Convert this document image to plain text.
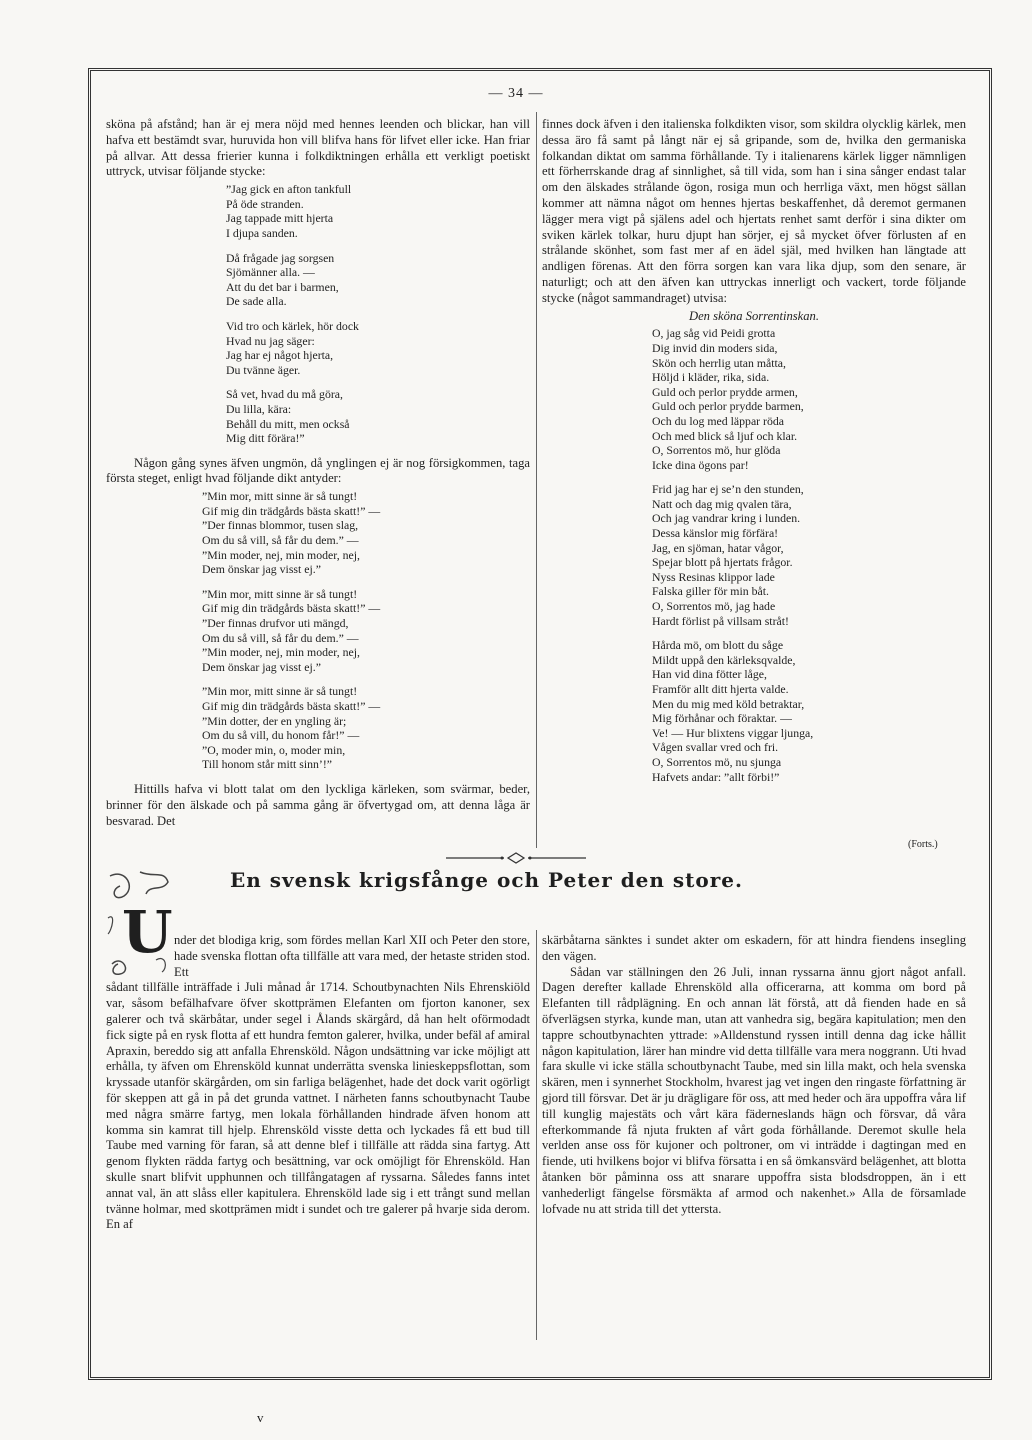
— 34 —

sköna på afstånd; han är ej mera nöjd med hennes leenden och blickar, han vill hafva ett bestämdt svar, huruvida hon vill blifva hans för lifvet eller icke. Han friar på allvar. Att dessa frierier kunna i folkdiktningen erhålla ett verkligt poetiskt uttryck, utvisar följande stycke:

”Jag gick en afton tankfull
På öde stranden.
Jag tappade mitt hjerta
I djupa sanden.
Då frågade jag sorgsen
Sjömänner alla. —
Att du det bar i barmen,
De sade alla.
Vid tro och kärlek, hör dock
Hvad nu jag säger:
Jag har ej något hjerta,
Du tvänne äger.
Så vet, hvad du må göra,
Du lilla, kära:
Behåll du mitt, men också
Mig ditt förära!”

Någon gång synes äfven ungmön, då ynglingen ej är nog försigkommen, taga första steget, enligt hvad följande dikt antyder:

”Min mor, mitt sinne är så tungt!
Gif mig din trädgårds bästa skatt!” —
”Der finnas blommor, tusen slag,
Om du så vill, så får du dem.” —
”Min moder, nej, min moder, nej,
Dem önskar jag visst ej.”
”Min mor, mitt sinne är så tungt!
Gif mig din trädgårds bästa skatt!” —
”Der finnas drufvor uti mängd,
Om du så vill, så får du dem.” —
”Min moder, nej, min moder, nej,
Dem önskar jag visst ej.”
”Min mor, mitt sinne är så tungt!
Gif mig din trädgårds bästa skatt!” —
”Min dotter, der en yngling är;
Om du så vill, du honom får!” —
”O, moder min, o, moder min,
Till honom står mitt sinn’!”

Hittills hafva vi blott talat om den lyckliga kärleken, som svärmar, beder, brinner för den älskade och på samma gång är öfvertygad om, att denna låga är besvarad. Det

finnes dock äfven i den italienska folkdikten visor, som skildra olycklig kärlek, men dessa äro få samt på långt när ej så gripande, som de, hvilka den germaniska folkandan diktat om samma förhållande. Ty i italienarens kärlek ligger nämnligen ett förherrskande drag af sinnlighet, så till vida, som han i sina sånger endast talar om den älskades strålande ögon, rosiga mun och herrliga växt, men högst sällan kommer att nämna något om hennes hjertas beskaffenhet, då deremot germanen lägger mera vigt på själens adel och hjertats renhet samt derför i sina dikter om sviken kärlek tolkar, huru djupt han sörjer, ej så mycket öfver förlusten af en strålande skönhet, som fast mer af en ädel själ, med hvilken han längtade att andligen förenas. Att den förra sorgen kan vara lika djup, som den senare, är naturligt; och att den äfven kan uttryckas innerligt och vackert, torde följande stycke (något sammandraget) utvisa:

Den sköna Sorrentinskan.
O, jag såg vid Peidi grotta
Dig invid din moders sida,
Skön och herrlig utan måtta,
Höljd i kläder, rika, sida.
Guld och perlor prydde armen,
Guld och perlor prydde barmen,
Och du log med läppar röda
Och med blick så ljuf och klar.
O, Sorrentos mö, hur glöda
Icke dina ögons par!
Frid jag har ej se’n den stunden,
Natt och dag mig qvalen tära,
Och jag vandrar kring i lunden.
Dessa känslor mig förfära!
Jag, en sjöman, hatar vågor,
Spejar blott på hjertats frågor.
Nyss Resinas klippor lade
Falska giller för min båt.
O, Sorrentos mö, jag hade
Hardt förlist på villsam stråt!
Hårda mö, om blott du såge
Mildt uppå den kärleksqvalde,
Han vid dina fötter låge,
Framför allt ditt hjerta valde.
Men du mig med köld betraktar,
Mig förhånar och föraktar. —
Ve! — Hur blixtens viggar ljunga,
Vågen svallar vred och fri.
O, Sorrentos mö, nu sjunga
Hafvets andar: ”allt förbi!”
(Forts.)
U
En svensk krigsfånge och Peter den store.

nder det blodiga krig, som fördes mellan Karl XII och Peter den store, hade svenska flottan ofta tillfälle att vara med, der hetaste striden stod. Ett

sådant tillfälle inträffade i Juli månad år 1714. Schoutbynachten Nils Ehrenskiöld var, såsom befälhafvare öfver skottprämen Elefanten om fjorton kanoner, sex galerer och två skärbåtar, under segel i Ålands skärgård, då han helt oförmodadt fick sigte på en rysk flotta af ett hundra femton galerer, hvilka, under befäl af amiral Apraxin, bereddo sig att anfalla Ehrensköld. Någon undsättning var icke möjligt att erhålla, ty äfven om Ehrensköld kunnat underrätta svenska linieskeppsflottan, som kryssade utanför skärgården, om sin farliga belägenhet, hade det dock varit ogörligt för skeppen att gå in på det grunda vattnet. I närheten fanns schoutbynacht Taube med några smärre fartyg, men lokala förhållanden hindrade äfven honom att komma sin kamrat till hjelp. Ehrensköld visste detta och lyckades få ett bud till Taube med varning för faran, så att denne blef i tillfälle att rädda sina fartyg. Att genom flykten rädda fartyg och besättning, var ock omöjligt för Ehrensköld. Han skulle snart blifvit upphunnen och tillfångatagen af ryssarna. Således fanns intet annat val, än att slåss eller kapitulera. Ehrensköld lade sig i ett trångt sund mellan tvänne holmar, med skottprämen midt i sundet och tre galerer på hvarje sida derom. En af

skärbåtarna sänktes i sundet akter om eskadern, för att hindra fiendens insegling den vägen.

Sådan var ställningen den 26 Juli, innan ryssarna ännu gjort något anfall. Dagen derefter kallade Ehrensköld alla officerarna, att komma om bord på Elefanten till rådplägning. En och annan lät förstå, att då fienden hade en så öfverlägsen styrka, kunde man, utan att vanhedra sig, begära kapitulation; men den tappre schoutbynachten yttrade: »Alldenstund ryssen intill denna dag icke hållit någon kapitulation, lärer han mindre vid detta tillfälle vara mera noggrann. Uti hvad fara skulle vi icke ställa schoutbynacht Taube, med sin lilla makt, och hela svenska skären, men i synnerhet Stockholm, hvarest jag vet ingen den ringaste författning är gjord till försvar. Det är ju drägligare för oss, att med heder och ära uppoffra våra lif till kunglig majestäts och vårt kära fäderneslands hägn och försvar, då våra efterkommande få njuta frukten af vårt goda förhållande. Deremot skulle hela verlden anse oss för kujoner och poltroner, om vi inträdde i dagtingan med en fiende, uti hvilkens bojor vi blifva försatta i en så ömkansvärd belägenhet, att blotta åtanken bör påminna oss att snarare uppoffra sista blodsdroppen, än i ett vanhederligt fängelse försmäkta af armod och nakenhet.» Alla de församlade lofvade nu att strida till det yttersta.

v
